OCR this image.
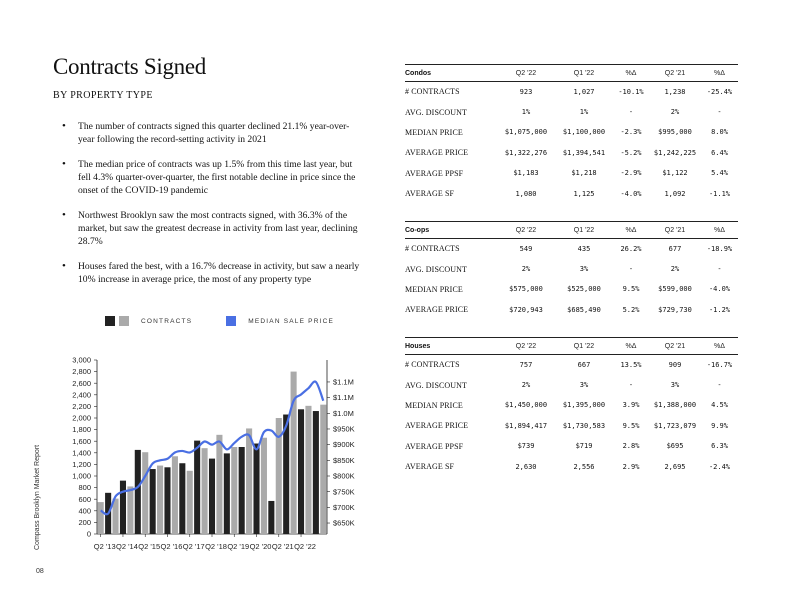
Contracts Signed
BY PROPERTY TYPE
• The number of contracts signed this quarter declined 21.1% year-over-year following the record-setting activity in 2021
• The median price of contracts was up 1.5% from this time last year, but fell 4.3% quarter-over-quarter, the first notable decline in price since the onset of the COVID-19 pandemic
• Northwest Brooklyn saw the most contracts signed, with 36.3% of the market, but saw the greatest decrease in activity from last year, declining 28.7%
• Houses fared the best, with a 16.7% decrease in activity, but saw a nearly 10% increase in average price, the most of any property type
CONTRACTS	MEDIAN SALE PRICE
0
200
400
600
800
1,000
1,200
1,400
1,600
1,800
2,000
2,200
2,400
2,600
2,800
3,000
$650K
$700K
$750K
$800K
$850K
$900K
$950K
$1.0M
$1.1M
$1.1M
Q2 '13 Q2 '14 Q2 '15 Q2 '16 Q2 '17 Q2 '18 Q2 '19 Q2 '20 Q2 '21 Q2 '22
Compass Brooklyn Market Report
08
Condos	Q2 '22	Q1 '22	%Δ	Q2 '21	%Δ
# CONTRACTS	923	1,027	-10.1%	1,238	-25.4%
AVG. DISCOUNT	1%	1%	-	2%	-
MEDIAN PRICE	$1,075,000	$1,100,000	-2.3%	$995,000	8.0%
AVERAGE PRICE	$1,322,276	$1,394,541	-5.2%	$1,242,225	6.4%
AVERAGE PPSF	$1,183	$1,218	-2.9%	$1,122	5.4%
AVERAGE SF	1,080	1,125	-4.0%	1,092	-1.1%
Co-ops	Q2 '22	Q1 '22	%Δ	Q2 '21	%Δ
# CONTRACTS	549	435	26.2%	677	-18.9%
AVG. DISCOUNT	2%	3%	-	2%	-
MEDIAN PRICE	$575,000	$525,000	9.5%	$599,000	-4.0%
AVERAGE PRICE	$720,943	$685,490	5.2%	$729,730	-1.2%
Houses	Q2 '22	Q1 '22	%Δ	Q2 '21	%Δ
# CONTRACTS	757	667	13.5%	909	-16.7%
AVG. DISCOUNT	2%	3%	-	3%	-
MEDIAN PRICE	$1,450,000	$1,395,000	3.9%	$1,388,000	4.5%
AVERAGE PRICE	$1,894,417	$1,730,583	9.5%	$1,723,079	9.9%
AVERAGE PPSF	$739	$719	2.8%	$695	6.3%
AVERAGE SF	2,630	2,556	2.9%	2,695	-2.4%
